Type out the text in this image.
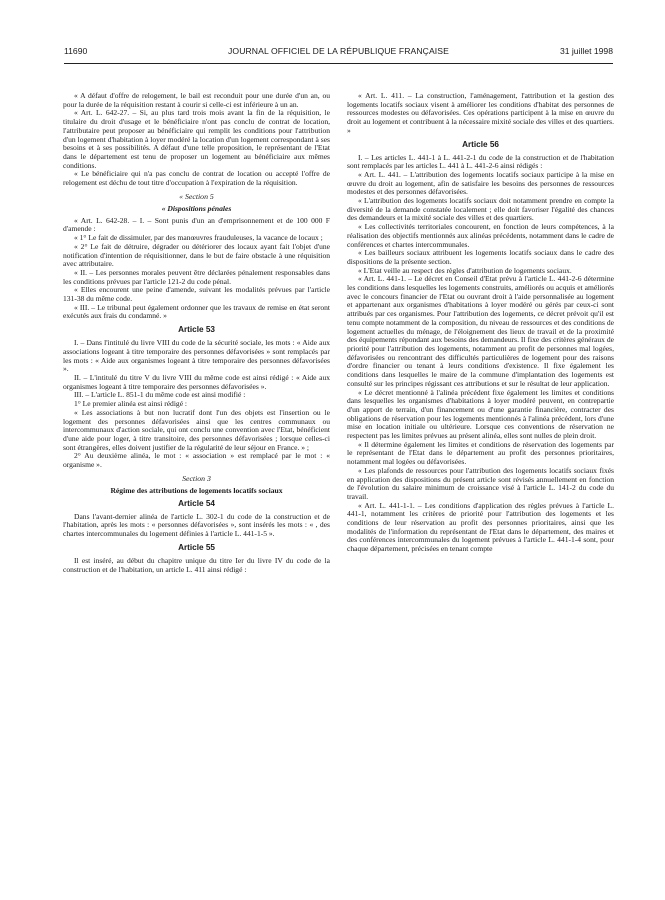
11690	JOURNAL OFFICIEL DE LA RÉPUBLIQUE FRANÇAISE	31 juillet 1998

« A défaut d'offre de relogement, le bail est reconduit pour une durée d'un an, ou pour la durée de la réquisition restant à courir si celle-ci est inférieure à un an.

« Art. L. 642-27. – Si, au plus tard trois mois avant la fin de la réquisition, le titulaire du droit d'usage et le bénéficiaire n'ont pas conclu de contrat de location, l'attributaire peut proposer au bénéficiaire qui remplit les conditions pour l'attribution d'un logement d'habitation à loyer modéré la location d'un logement correspondant à ses besoins et à ses possibilités. A défaut d'une telle proposition, le représentant de l'Etat dans le département est tenu de proposer un logement au bénéficiaire aux mêmes conditions.

« Le bénéficiaire qui n'a pas conclu de contrat de location ou accepté l'offre de relogement est déchu de tout titre d'occupation à l'expiration de la réquisition.

« Section 5
« Dispositions pénales

« Art. L. 642-28. – I. – Sont punis d'un an d'emprisonnement et de 100 000 F d'amende :

« 1° Le fait de dissimuler, par des manœuvres frauduleuses, la vacance de locaux ;

« 2° Le fait de détruire, dégrader ou détériorer des locaux ayant fait l'objet d'une notification d'intention de réquisitionner, dans le but de faire obstacle à une réquisition avec attributaire.

« II. – Les personnes morales peuvent être déclarées pénalement responsables dans les conditions prévues par l'article 121-2 du code pénal.

« Elles encourent une peine d'amende, suivant les modalités prévues par l'article 131-38 du même code.

« III. – Le tribunal peut également ordonner que les travaux de remise en état seront exécutés aux frais du condamné. »

Article 53

I. – Dans l'intitulé du livre VIII du code de la sécurité sociale, les mots : « Aide aux associations logeant à titre temporaire des personnes défavorisées » sont remplacés par les mots : « Aide aux organismes logeant à titre temporaire des personnes défavorisées ».

II. – L'intitulé du titre V du livre VIII du même code est ainsi rédigé : « Aide aux organismes logeant à titre temporaire des personnes défavorisées ».

III. – L'article L. 851-1 du même code est ainsi modifié :

1° Le premier alinéa est ainsi rédigé :

« Les associations à but non lucratif dont l'un des objets est l'insertion ou le logement des personnes défavorisées ainsi que les centres communaux ou intercommunaux d'action sociale, qui ont conclu une convention avec l'Etat, bénéficient d'une aide pour loger, à titre transitoire, des personnes défavorisées ; lorsque celles-ci sont étrangères, elles doivent justifier de la régularité de leur séjour en France. » ;

2° Au deuxième alinéa, le mot : « association » est remplacé par le mot : « organisme ».

Section 3
Régime des attributions de logements locatifs sociaux
Article 54

Dans l'avant-dernier alinéa de l'article L. 302-1 du code de la construction et de l'habitation, après les mots : « personnes défavorisées », sont insérés les mots : « , des chartes intercommunales du logement définies à l'article L. 441-1-5 ».

Article 55

Il est inséré, au début du chapitre unique du titre Ier du livre IV du code de la construction et de l'habitation, un article L. 411 ainsi rédigé :

« Art. L. 411. – La construction, l'aménagement, l'attribution et la gestion des logements locatifs sociaux visent à améliorer les conditions d'habitat des personnes de ressources modestes ou défavorisées. Ces opérations participent à la mise en œuvre du droit au logement et contribuent à la nécessaire mixité sociale des villes et des quartiers. »

Article 56

I. – Les articles L. 441-1 à L. 441-2-1 du code de la construction et de l'habitation sont remplacés par les articles L. 441 à L. 441-2-6 ainsi rédigés :

« Art. L. 441. – L'attribution des logements locatifs sociaux participe à la mise en œuvre du droit au logement, afin de satisfaire les besoins des personnes de ressources modestes et des personnes défavorisées.

« L'attribution des logements locatifs sociaux doit notamment prendre en compte la diversité de la demande constatée localement ; elle doit favoriser l'égalité des chances des demandeurs et la mixité sociale des villes et des quartiers.

« Les collectivités territoriales concourent, en fonction de leurs compétences, à la réalisation des objectifs mentionnés aux alinéas précédents, notamment dans le cadre de conférences et chartes intercommunales.

« Les bailleurs sociaux attribuent les logements locatifs sociaux dans le cadre des dispositions de la présente section.

« L'Etat veille au respect des règles d'attribution de logements sociaux.

« Art. L. 441-1. – Le décret en Conseil d'Etat prévu à l'article L. 441-2-6 détermine les conditions dans lesquelles les logements construits, améliorés ou acquis et améliorés avec le concours financier de l'Etat ou ouvrant droit à l'aide personnalisée au logement et appartenant aux organismes d'habitations à loyer modéré ou gérés par ceux-ci sont attribués par ces organismes. Pour l'attribution des logements, ce décret prévoit qu'il est tenu compte notamment de la composition, du niveau de ressources et des conditions de logement actuelles du ménage, de l'éloignement des lieux de travail et de la proximité des équipements répondant aux besoins des demandeurs. Il fixe des critères généraux de priorité pour l'attribution des logements, notamment au profit de personnes mal logées, défavorisées ou rencontrant des difficultés particulières de logement pour des raisons d'ordre financier ou tenant à leurs conditions d'existence. Il fixe également les conditions dans lesquelles le maire de la commune d'implantation des logements est consulté sur les principes régissant ces attributions et sur le résultat de leur application.

« Le décret mentionné à l'alinéa précédent fixe également les limites et conditions dans lesquelles les organismes d'habitations à loyer modéré peuvent, en contrepartie d'un apport de terrain, d'un financement ou d'une garantie financière, contracter des obligations de réservation pour les logements mentionnés à l'alinéa précédent, lors d'une mise en location initiale ou ultérieure. Lorsque ces conventions de réservation ne respectent pas les limites prévues au présent alinéa, elles sont nulles de plein droit.

« Il détermine également les limites et conditions de réservation des logements par le représentant de l'Etat dans le département au profit des personnes prioritaires, notamment mal logées ou défavorisées.

« Les plafonds de ressources pour l'attribution des logements locatifs sociaux fixés en application des dispositions du présent article sont révisés annuellement en fonction de l'évolution du salaire minimum de croissance visé à l'article L. 141-2 du code du travail.

« Art. L. 441-1-1. – Les conditions d'application des règles prévues à l'article L. 441-1, notamment les critères de priorité pour l'attribution des logements et les conditions de leur réservation au profit des personnes prioritaires, ainsi que les modalités de l'information du représentant de l'Etat dans le département, des maires et des conférences intercommunales du logement prévues à l'article L. 441-1-4 sont, pour chaque département, précisées en tenant compte
